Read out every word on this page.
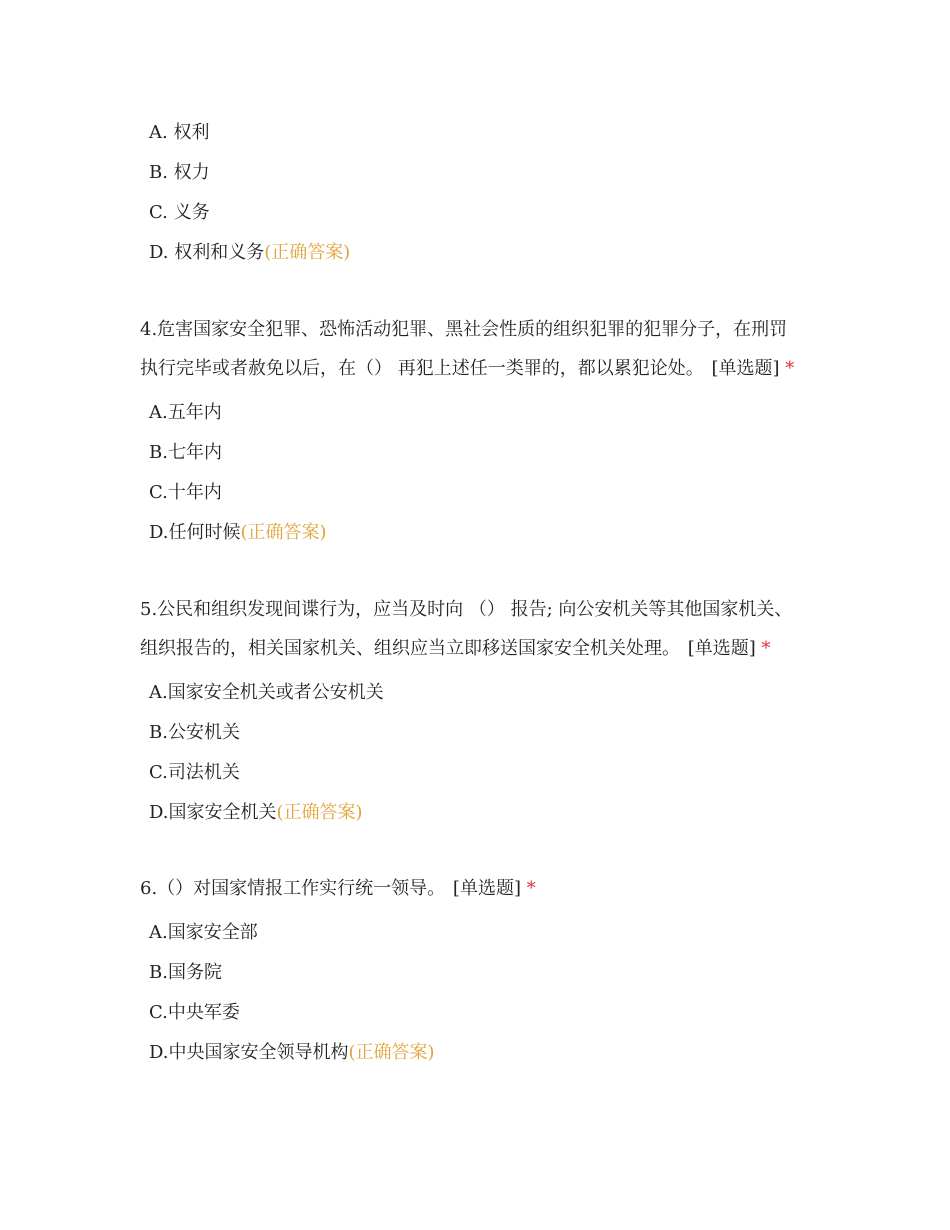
A. 权利
B. 权力
C. 义务
D. 权利和义务(正确答案)
4.危害国家安全犯罪、恐怖活动犯罪、黑社会性质的组织犯罪的犯罪分子，在刑罚
执行完毕或者赦免以后，在（） 再犯上述任一类罪的，都以累犯论处。 [单选题] *
A.五年内
B.七年内
C.十年内
D.任何时候(正确答案)
5.公民和组织发现间谍行为，应当及时向 （） 报告; 向公安机关等其他国家机关、
组织报告的，相关国家机关、组织应当立即移送国家安全机关处理。 [单选题] *
A.国家安全机关或者公安机关
B.公安机关
C.司法机关
D.国家安全机关(正确答案)
6.（）对国家情报工作实行统一领导。 [单选题] *
A.国家安全部
B.国务院
C.中央军委
D.中央国家安全领导机构(正确答案)
